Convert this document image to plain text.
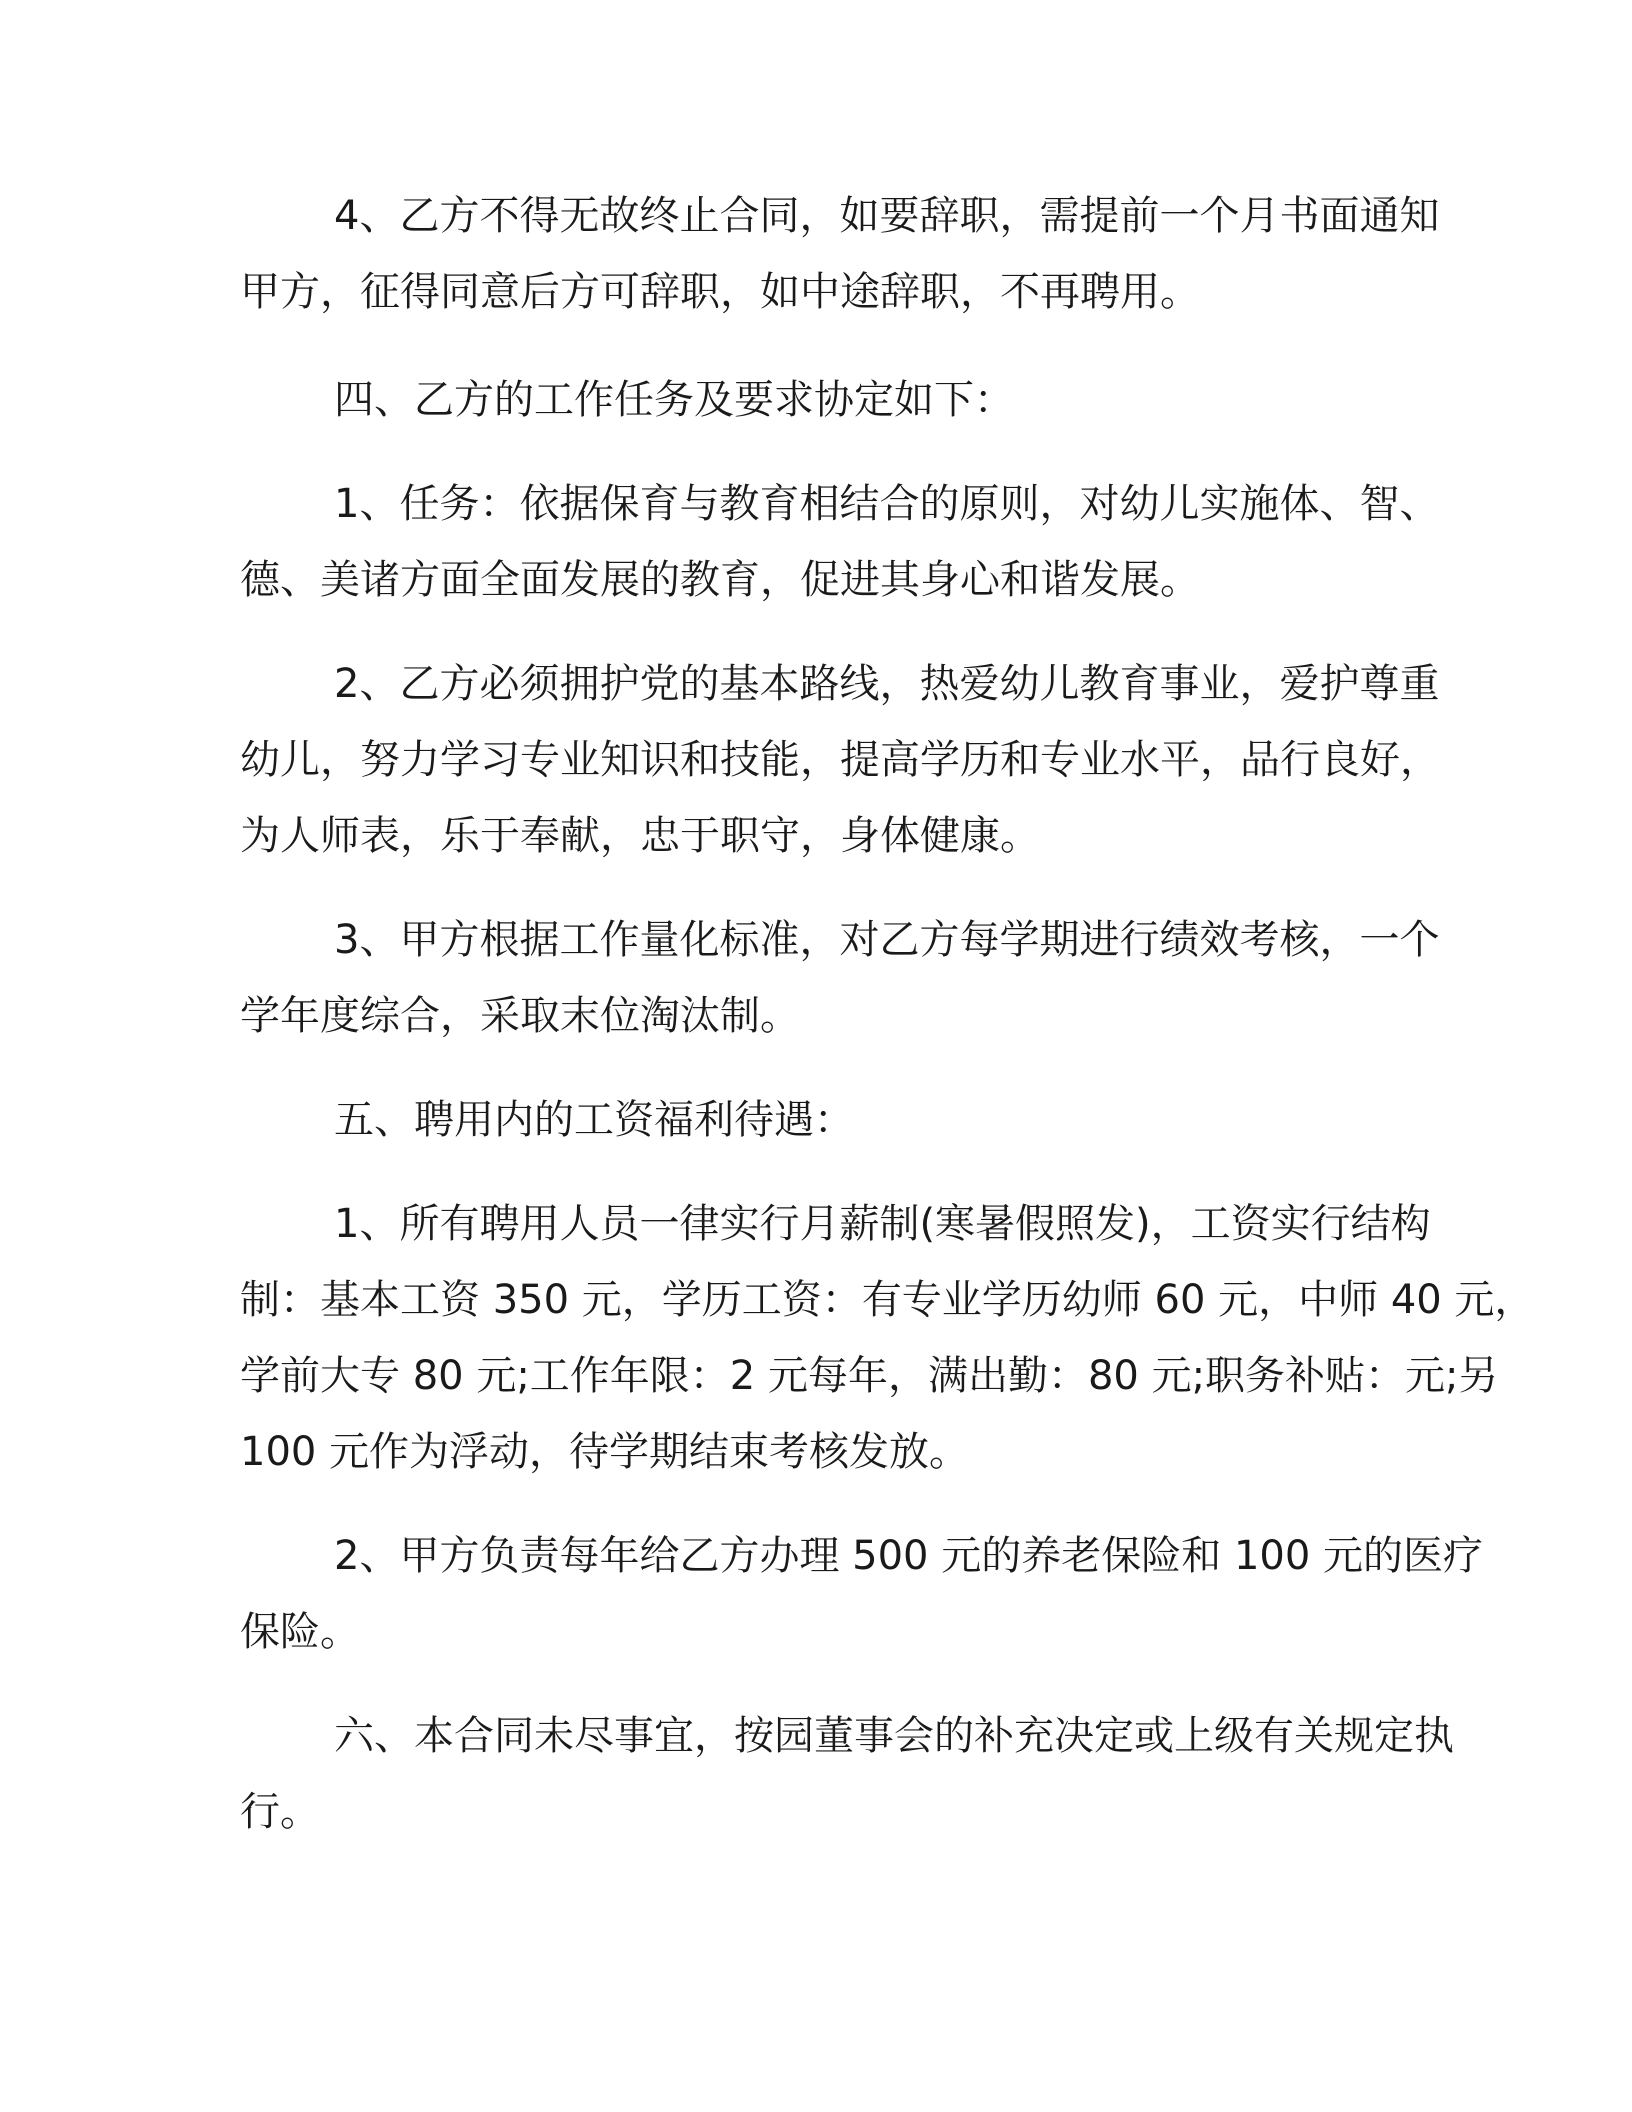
4、乙方不得无故终止合同，如要辞职，需提前一个月书面通知

甲方，征得同意后方可辞职，如中途辞职，不再聘用。

四、乙方的工作任务及要求协定如下：

1、任务：依据保育与教育相结合的原则，对幼儿实施体、智、

德、美诸方面全面发展的教育，促进其身心和谐发展。

2、乙方必须拥护党的基本路线，热爱幼儿教育事业，爱护尊重

幼儿，努力学习专业知识和技能，提高学历和专业水平，品行良好，

为人师表，乐于奉献，忠于职守，身体健康。

3、甲方根据工作量化标准，对乙方每学期进行绩效考核，一个

学年度综合，采取末位淘汰制。

五、聘用内的工资福利待遇：

1、所有聘用人员一律实行月薪制(寒暑假照发)，工资实行结构

制：基本工资 350 元，学历工资：有专业学历幼师 60 元，中师 40 元，

学前大专 80 元;工作年限：2 元每年，满出勤：80 元;职务补贴：元;另

100 元作为浮动，待学期结束考核发放。

2、甲方负责每年给乙方办理 500 元的养老保险和 100 元的医疗

保险。

六、本合同未尽事宜，按园董事会的补充决定或上级有关规定执

行。
